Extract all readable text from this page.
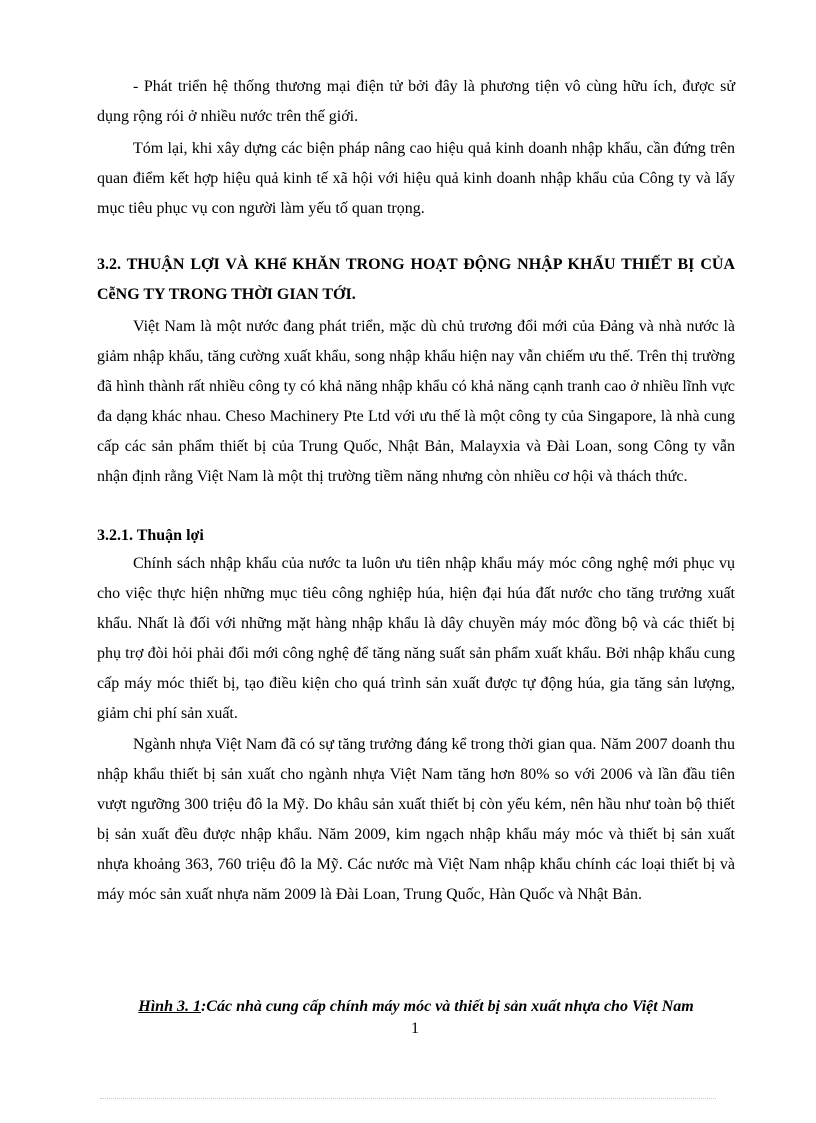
- Phát triển hệ thống thương mại điện tử bởi đây là phương tiện vô cùng hữu ích, được sử dụng rộng rói ở nhiều nước trên thế giới.

Tóm lại, khi xây dựng các biện pháp nâng cao hiệu quả kinh doanh nhập khẩu, cần đứng trên quan điểm kết hợp hiệu quả kinh tế xã hội với hiệu quả kinh doanh nhập khẩu của Công ty và lấy mục tiêu phục vụ con người làm yếu tố quan trọng.

3.2. THUẬN LỢI VÀ KHể KHĂN TRONG HOẠT ĐỘNG NHẬP KHẨU THIẾT BỊ CỦA CễNG TY TRONG THỜI GIAN TỚI.

Việt Nam là một nước đang phát triển, mặc dù chủ trương đổi mới của Đảng và nhà nước là giảm nhập khẩu, tăng cường xuất khẩu, song nhập khẩu hiện nay vẫn chiếm ưu thế. Trên thị trường đã hình thành rất nhiều công ty có khả năng nhập khẩu có khả năng cạnh tranh cao ở nhiều lĩnh vực đa dạng khác nhau. Cheso Machinery Pte Ltd với ưu thế là một công ty của Singapore, là nhà cung cấp các sản phẩm thiết bị của Trung Quốc, Nhật Bản, Malayxia và Đài Loan, song Công ty vẫn nhận định rằng Việt Nam là một thị trường tiềm năng nhưng còn nhiều cơ hội và thách thức.

3.2.1. Thuận lợi

Chính sách nhập khẩu của nước ta luôn ưu tiên nhập khẩu máy móc công nghệ mới phục vụ cho việc thực hiện những mục tiêu công nghiệp húa, hiện đại húa đất nước cho tăng trưởng xuất khẩu. Nhất là đối với những mặt hàng nhập khẩu là dây chuyền máy móc đồng bộ và các thiết bị phụ trợ đòi hỏi phải đổi mới công nghệ để tăng năng suất sản phẩm xuất khẩu. Bởi nhập khẩu cung cấp máy móc thiết bị, tạo điều kiện cho quá trình sản xuất được tự động húa, gia tăng sản lượng, giảm chi phí sản xuất.

Ngành nhựa Việt Nam đã có sự tăng trưởng đáng kể trong thời gian qua. Năm 2007 doanh thu nhập khẩu thiết bị sản xuất cho ngành nhựa Việt Nam tăng hơn 80% so với 2006 và lần đầu tiên vượt ngưỡng 300 triệu đô la Mỹ. Do khâu sản xuất thiết bị còn yếu kém, nên hầu như toàn bộ thiết bị sản xuất đều được nhập khẩu. Năm 2009, kim ngạch nhập khẩu máy móc và thiết bị sản xuất nhựa khoảng 363, 760 triệu đô la Mỹ. Các nước mà Việt Nam nhập khẩu chính các loại thiết bị và máy móc sản xuất nhựa năm 2009 là Đài Loan, Trung Quốc, Hàn Quốc và Nhật Bản.

Hình 3. 1:Các nhà cung cấp chính máy móc và thiết bị sản xuất nhựa cho Việt Nam

1
